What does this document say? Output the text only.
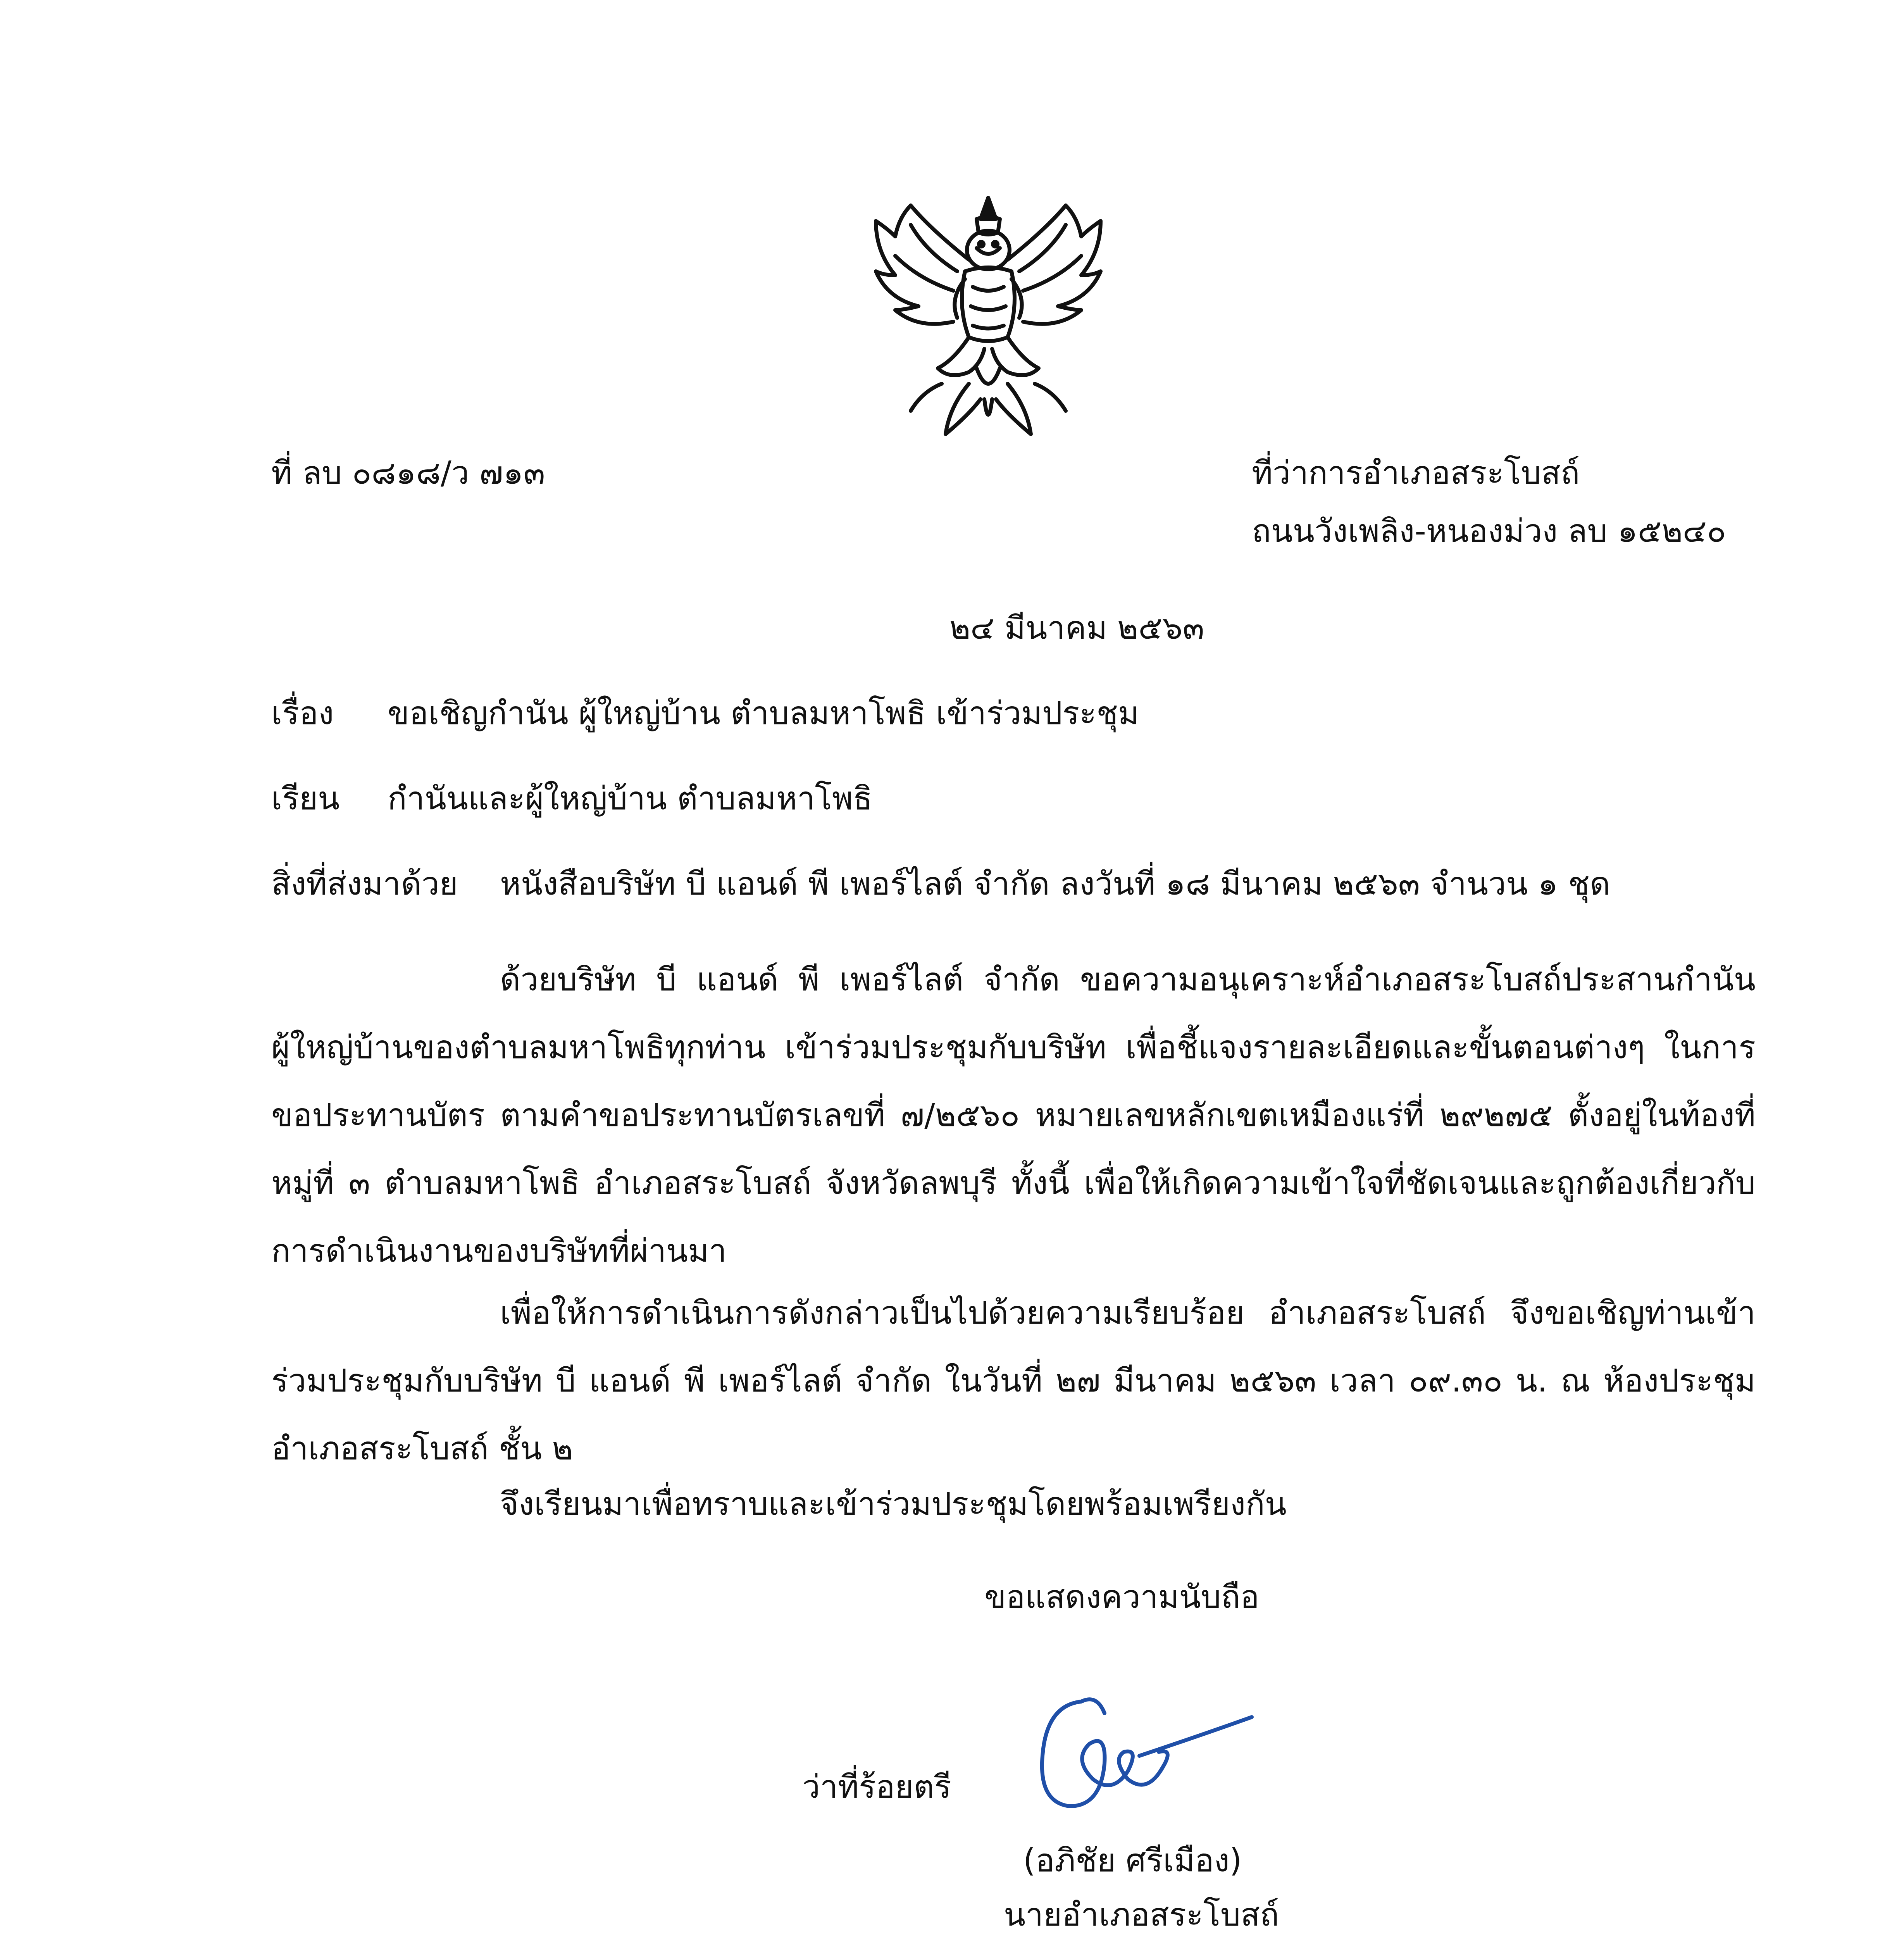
ที่ ลบ ๐๘๑๘/ว ๗๑๓	ที่ว่าการอำเภอสระโบสถ์
ถนนวังเพลิง-หนองม่วง ลบ ๑๕๒๔๐
๒๔ มีนาคม ๒๕๖๓
เรื่อง ขอเชิญกำนัน ผู้ใหญ่บ้าน ตำบลมหาโพธิ เข้าร่วมประชุม
เรียน กำนันและผู้ใหญ่บ้าน ตำบลมหาโพธิ
สิ่งที่ส่งมาด้วย หนังสือบริษัท บี แอนด์ พี เพอร์ไลต์ จำกัด ลงวันที่ ๑๘ มีนาคม ๒๕๖๓ จำนวน ๑ ชุด
ด้วยบริษัท บี แอนด์ พี เพอร์ไลต์ จำกัด ขอความอนุเคราะห์อำเภอสระโบสถ์ประสานกำนันผู้ใหญ่บ้านของตำบลมหาโพธิทุกท่าน เข้าร่วมประชุมกับบริษัท เพื่อชี้แจงรายละเอียดและขั้นตอนต่างๆ ในการขอประทานบัตร ตามคำขอประทานบัตรเลขที่ ๗/๒๕๖๐ หมายเลขหลักเขตเหมืองแร่ที่ ๒๙๒๗๕ ตั้งอยู่ในท้องที่ หมู่ที่ ๓ ตำบลมหาโพธิ อำเภอสระโบสถ์ จังหวัดลพบุรี ทั้งนี้ เพื่อให้เกิดความเข้าใจที่ชัดเจนและถูกต้องเกี่ยวกับการดำเนินงานของบริษัทที่ผ่านมา
เพื่อให้การดำเนินการดังกล่าวเป็นไปด้วยความเรียบร้อย อำเภอสระโบสถ์ จึงขอเชิญท่านเข้าร่วมประชุมกับบริษัท บี แอนด์ พี เพอร์ไลต์ จำกัด ในวันที่ ๒๗ มีนาคม ๒๕๖๓ เวลา ๐๙.๓๐ น. ณ ห้องประชุมอำเภอสระโบสถ์ ชั้น ๒
จึงเรียนมาเพื่อทราบและเข้าร่วมประชุมโดยพร้อมเพรียงกัน
ขอแสดงความนับถือ
ว่าที่ร้อยตรี
(อภิชัย ศรีเมือง)
นายอำเภอสระโบสถ์
